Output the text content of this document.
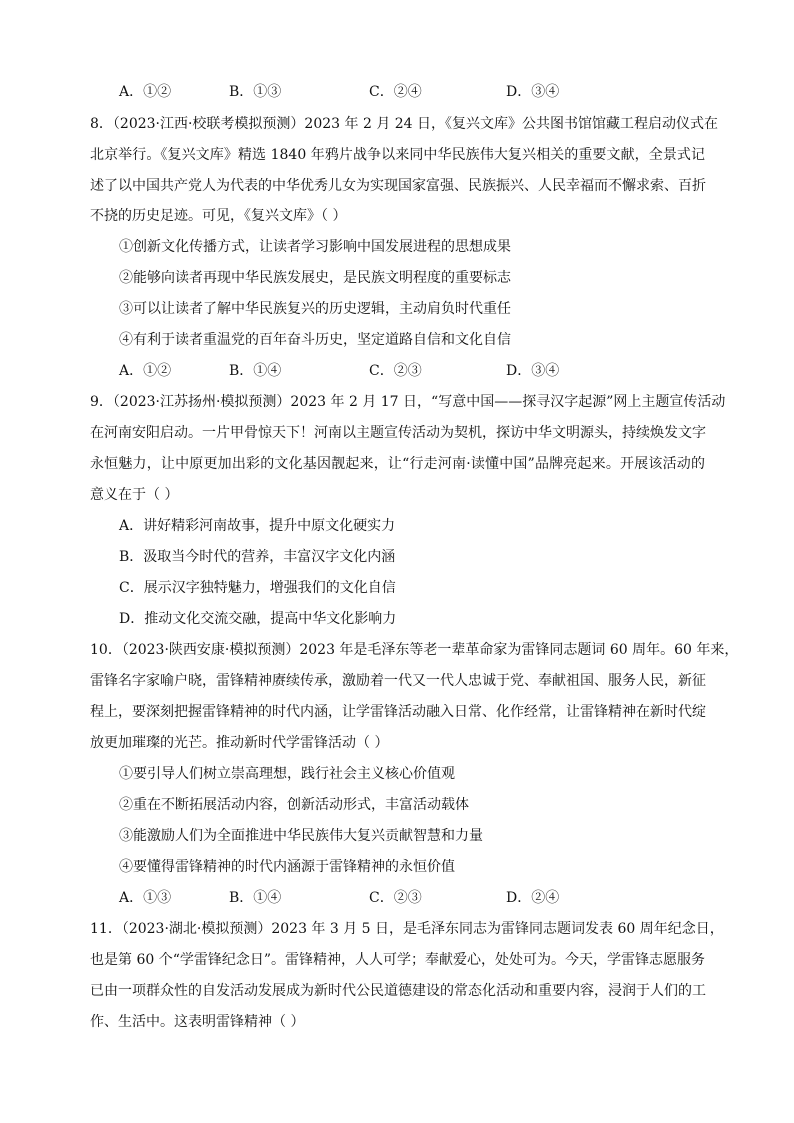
A．①②	B．①③	C．②④	D．③④
8．（2023·江西·校联考模拟预测）2023 年 2 月 24 日，《复兴文库》公共图书馆馆藏工程启动仪式在
北京举行。《复兴文库》精选 1840 年鸦片战争以来同中华民族伟大复兴相关的重要文献，全景式记
述了以中国共产党人为代表的中华优秀儿女为实现国家富强、民族振兴、人民幸福而不懈求索、百折
不挠的历史足迹。可见，《复兴文库》（ ）
①创新文化传播方式，让读者学习影响中国发展进程的思想成果
②能够向读者再现中华民族发展史，是民族文明程度的重要标志
③可以让读者了解中华民族复兴的历史逻辑，主动肩负时代重任
④有利于读者重温党的百年奋斗历史，坚定道路自信和文化自信
A．①②	B．①④	C．②③	D．③④
9．（2023·江苏扬州·模拟预测）2023 年 2 月 17 日，“写意中国——探寻汉字起源”网上主题宣传活动
在河南安阳启动。一片甲骨惊天下！河南以主题宣传活动为契机，探访中华文明源头，持续焕发文字
永恒魅力，让中原更加出彩的文化基因靓起来，让“行走河南·读懂中国”品牌亮起来。开展该活动的
意义在于（ ）
A．讲好精彩河南故事，提升中原文化硬实力
B．汲取当今时代的营养，丰富汉字文化内涵
C．展示汉字独特魅力，增强我们的文化自信
D．推动文化交流交融，提高中华文化影响力
10．（2023·陕西安康·模拟预测）2023 年是毛泽东等老一辈革命家为雷锋同志题词 60 周年。60 年来，
雷锋名字家喻户晓，雷锋精神赓续传承，激励着一代又一代人忠诚于党、奉献祖国、服务人民，新征
程上，要深刻把握雷锋精神的时代内涵，让学雷锋活动融入日常、化作经常，让雷锋精神在新时代绽
放更加璀璨的光芒。推动新时代学雷锋活动（ ）
①要引导人们树立崇高理想，践行社会主义核心价值观
②重在不断拓展活动内容，创新活动形式，丰富活动载体
③能激励人们为全面推进中华民族伟大复兴贡献智慧和力量
④要懂得雷锋精神的时代内涵源于雷锋精神的永恒价值
A．①③	B．①④	C．②③	D．②④
11．（2023·湖北·模拟预测）2023 年 3 月 5 日，是毛泽东同志为雷锋同志题词发表 60 周年纪念日，
也是第 60 个“学雷锋纪念日”。雷锋精神，人人可学；奉献爱心，处处可为。今天，学雷锋志愿服务
已由一项群众性的自发活动发展成为新时代公民道德建设的常态化活动和重要内容，浸润于人们的工
作、生活中。这表明雷锋精神（ ）
